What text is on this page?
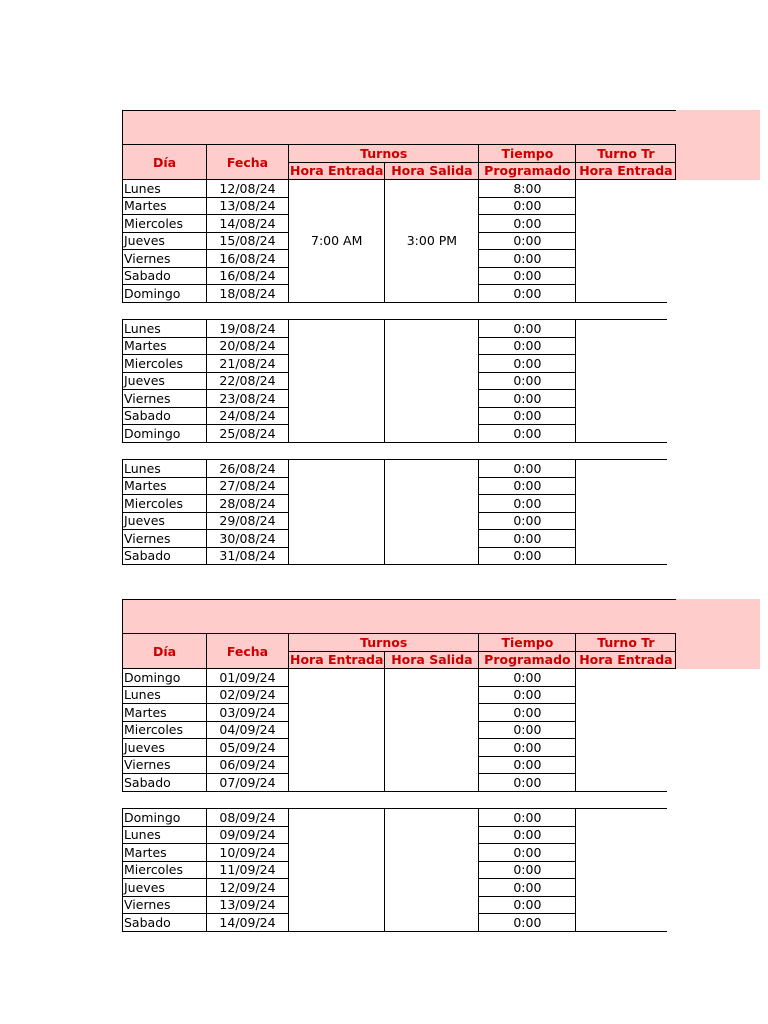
Día	Fecha	Turnos		Tiempo	Turno Tr
		Hora Entrada	Hora Salida	Programado	Hora Entrada
Lunes	12/08/24	7:00 AM	3:00 PM	8:00	
Martes	13/08/24			0:00	
Miercoles	14/08/24			0:00	
Jueves	15/08/24			0:00	
Viernes	16/08/24			0:00	
Sabado	16/08/24			0:00	
Domingo	18/08/24			0:00	

Lunes	19/08/24			0:00	
Martes	20/08/24			0:00	
Miercoles	21/08/24			0:00	
Jueves	22/08/24			0:00	
Viernes	23/08/24			0:00	
Sabado	24/08/24			0:00	
Domingo	25/08/24			0:00	

Lunes	26/08/24			0:00	
Martes	27/08/24			0:00	
Miercoles	28/08/24			0:00	
Jueves	29/08/24			0:00	
Viernes	30/08/24			0:00	
Sabado	31/08/24			0:00	

Día	Fecha	Turnos		Tiempo	Turno Tr
		Hora Entrada	Hora Salida	Programado	Hora Entrada
Domingo	01/09/24			0:00	
Lunes	02/09/24			0:00	
Martes	03/09/24			0:00	
Miercoles	04/09/24			0:00	
Jueves	05/09/24			0:00	
Viernes	06/09/24			0:00	
Sabado	07/09/24			0:00	

Domingo	08/09/24			0:00	
Lunes	09/09/24			0:00	
Martes	10/09/24			0:00	
Miercoles	11/09/24			0:00	
Jueves	12/09/24			0:00	
Viernes	13/09/24			0:00	
Sabado	14/09/24			0:00	
